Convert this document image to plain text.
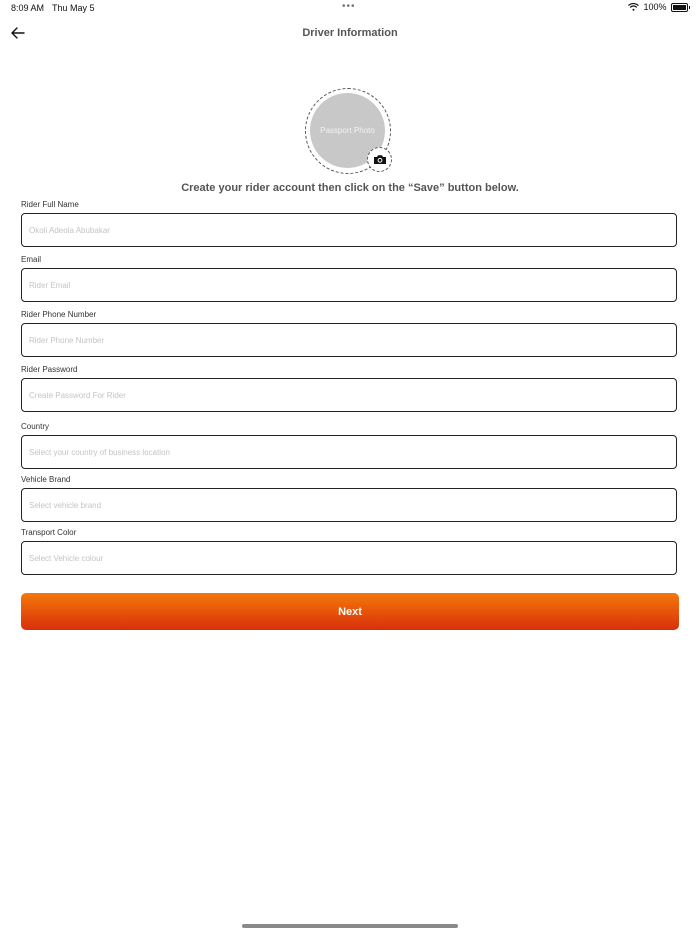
8:09 AM Thu May 5	•••	100%
Driver Information
Passport Photo
Create your rider account then click on the “Save” button below.
Rider Full Name
Okoli Adeola Abubakar
Email
Rider Email
Rider Phone Number
Rider Phone Number
Rider Password
Create Password For Rider
Country
Select your country of business location
Vehicle Brand
Select vehicle brand
Transport Color
Select Vehicle colour
Next
